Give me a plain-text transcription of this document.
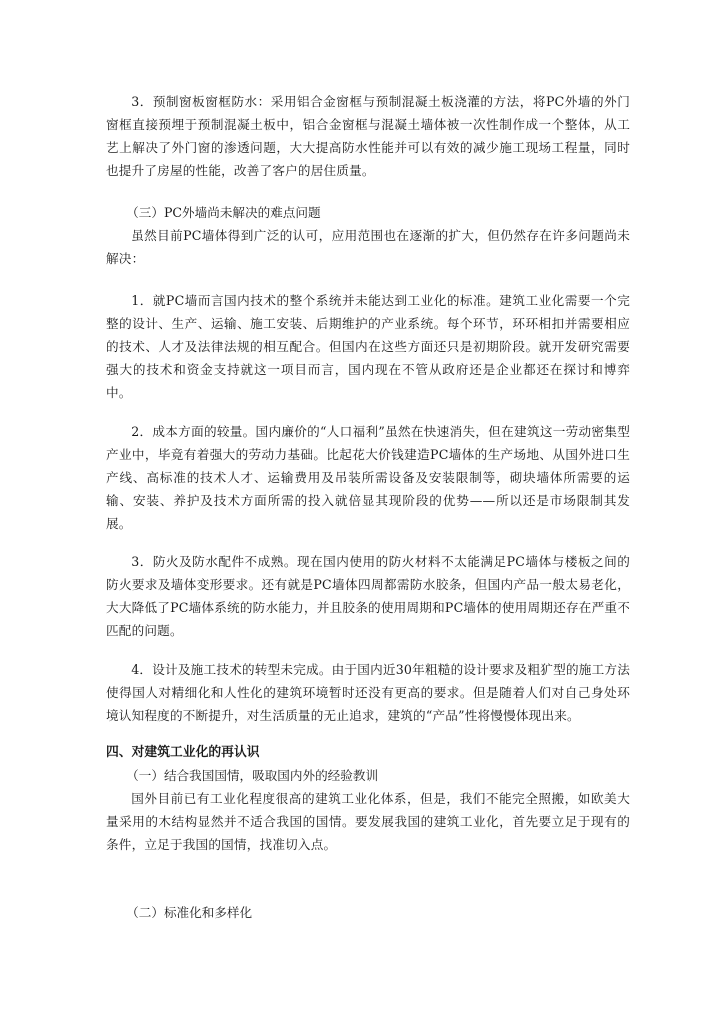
3．预制窗板窗框防水：采用铝合金窗框与预制混凝土板浇灌的方法，将PC外墙的外门窗框直接预埋于预制混凝土板中，铝合金窗框与混凝土墙体被一次性制作成一个整体，从工艺上解决了外门窗的渗透问题，大大提高防水性能并可以有效的减少施工现场工程量，同时也提升了房屋的性能，改善了客户的居住质量。

（三）PC外墙尚未解决的难点问题

虽然目前PC墙体得到广泛的认可，应用范围也在逐渐的扩大，但仍然存在许多问题尚未解决：

1．就PC墙而言国内技术的整个系统并未能达到工业化的标准。建筑工业化需要一个完整的设计、生产、运输、施工安装、后期维护的产业系统。每个环节，环环相扣并需要相应的技术、人才及法律法规的相互配合。但国内在这些方面还只是初期阶段。就开发研究需要强大的技术和资金支持就这一项目而言，国内现在不管从政府还是企业都还在探讨和博弈中。

2．成本方面的较量。国内廉价的“人口福利”虽然在快速消失，但在建筑这一劳动密集型产业中，毕竟有着强大的劳动力基础。比起花大价钱建造PC墙体的生产场地、从国外进口生产线、高标准的技术人才、运输费用及吊装所需设备及安装限制等，砌块墙体所需要的运输、安装、养护及技术方面所需的投入就倍显其现阶段的优势——所以还是市场限制其发展。

3．防火及防水配件不成熟。现在国内使用的防火材料不太能满足PC墙体与楼板之间的防火要求及墙体变形要求。还有就是PC墙体四周都需防水胶条，但国内产品一般太易老化，大大降低了PC墙体系统的防水能力，并且胶条的使用周期和PC墙体的使用周期还存在严重不匹配的问题。

4．设计及施工技术的转型未完成。由于国内近30年粗糙的设计要求及粗犷型的施工方法使得国人对精细化和人性化的建筑环境暂时还没有更高的要求。但是随着人们对自己身处环境认知程度的不断提升，对生活质量的无止追求，建筑的“产品”性将慢慢体现出来。

四、对建筑工业化的再认识

（一）结合我国国情，吸取国内外的经验教训

国外目前已有工业化程度很高的建筑工业化体系，但是，我们不能完全照搬，如欧美大量采用的木结构显然并不适合我国的国情。要发展我国的建筑工业化，首先要立足于现有的条件，立足于我国的国情，找准切入点。

（二）标准化和多样化
